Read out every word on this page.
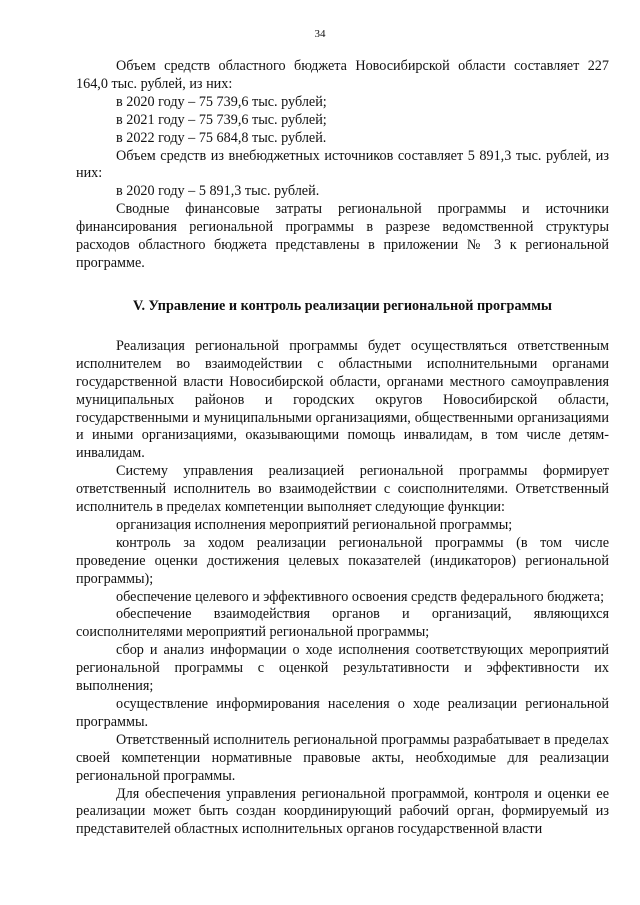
34

Объем средств областного бюджета Новосибирской области составляет 227 164,0 тыс. рублей, из них:

в 2020 году – 75 739,6 тыс. рублей;

в 2021 году – 75 739,6 тыс. рублей;

в 2022 году – 75 684,8 тыс. рублей.

Объем средств из внебюджетных источников составляет 5 891,3 тыс. рублей, из них:

в 2020 году – 5 891,3 тыс. рублей.

Сводные финансовые затраты региональной программы и источники финансирования региональной программы в разрезе ведомственной структуры расходов областного бюджета представлены в приложении № 3 к региональной программе.

V. Управление и контроль реализации региональной программы

Реализация региональной программы будет осуществляться ответственным исполнителем во взаимодействии с областными исполнительными органами государственной власти Новосибирской области, органами местного самоуправления муниципальных районов и городских округов Новосибирской области, государственными и муниципальными организациями, общественными организациями и иными организациями, оказывающими помощь инвалидам, в том числе детям-инвалидам.

Систему управления реализацией региональной программы формирует ответственный исполнитель во взаимодействии с соисполнителями. Ответственный исполнитель в пределах компетенции выполняет следующие функции:

организация исполнения мероприятий региональной программы;

контроль за ходом реализации региональной программы (в том числе проведение оценки достижения целевых показателей (индикаторов) региональной программы);

обеспечение целевого и эффективного освоения средств федерального бюджета;

обеспечение взаимодействия органов и организаций, являющихся соисполнителями мероприятий региональной программы;

сбор и анализ информации о ходе исполнения соответствующих мероприятий региональной программы с оценкой результативности и эффективности их выполнения;

осуществление информирования населения о ходе реализации региональной программы.

Ответственный исполнитель региональной программы разрабатывает в пределах своей компетенции нормативные правовые акты, необходимые для реализации региональной программы.

Для обеспечения управления региональной программой, контроля и оценки ее реализации может быть создан координирующий рабочий орган, формируемый из представителей областных исполнительных органов государственной власти
